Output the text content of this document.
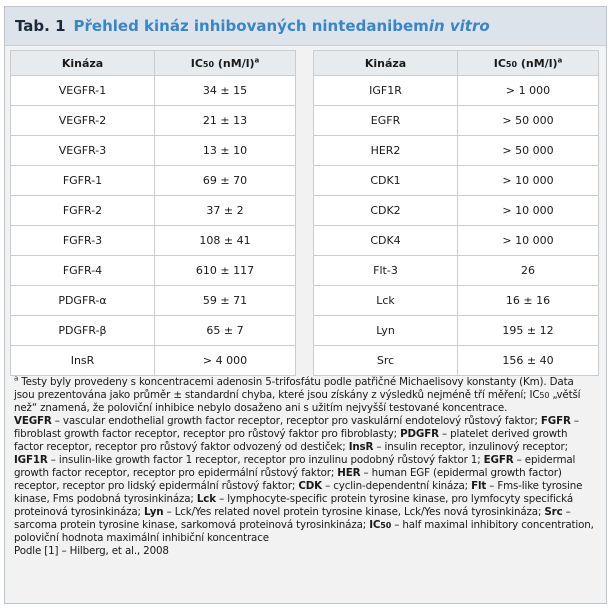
Tab. 1 Přehled kináz inhibovaných nintedanibem in vitro
Kináza	IC50 $(nM/l)^a$
VEGFR-1	34 ± 15
VEGFR-2	21 ± 13
VEGFR-3	13 ± 10
FGFR-1	69 ± 70
FGFR-2	37 ± 2
FGFR-3	108 ± 41
FGFR-4	610 ± 117
PDGFR-α	59 ± 71
PDGFR-β	65 ± 7
InsR	> 4 000
Kináza	IC50 $(nM/l)^a$
IGF1R	> 1 000
EGFR	> 50 000
HER2	> 50 000
CDK1	> 10 000
CDK2	> 10 000
CDK4	> 10 000
Flt-3	26
Lck	16 ± 16
Lyn	195 ± 12
Src	156 ± 40

$^a$ Testy byly provedeny s koncentracemi adenosin 5-trifosfátu podle patřičné Michaelisovy konstanty (Km). Data jsou prezentována jako průměr ± standardní chyba, které jsou získány z výsledků nejméně tří měření; IC50 „větší než“ znamená, že poloviční inhibice nebylo dosaženo ani s užitím nejvyšší testované koncentrace.

VEGFR – vascular endothelial growth factor receptor, receptor pro vaskulární endotelový růstový faktor; FGFR – fibroblast growth factor receptor, receptor pro růstový faktor pro fibroblasty; PDGFR – platelet derived growth factor receptor, receptor pro růstový faktor odvozený od destiček; InsR – insulin receptor, inzulinový receptor; IGF1R – insulin-like growth factor 1 receptor, receptor pro inzulinu podobný růstový faktor 1; EGFR – epidermal growth factor receptor, receptor pro epidermální růstový faktor; HER – human EGF (epidermal growth factor) receptor, receptor pro lidský epidermální růstový faktor; CDK – cyclin-dependentní kináza; Flt – Fms-like tyrosine kinase, Fms podobná tyrosinkináza; Lck – lymphocyte-specific protein tyrosine kinase, pro lymfocyty specifická proteinová tyrosinkináza; Lyn – Lck/Yes related novel protein tyrosine kinase, Lck/Yes nová tyrosinkináza; Src – sarcoma protein tyrosine kinase, sarkomová proteinová tyrosinkináza; IC50 – half maximal inhibitory concentration, poloviční hodnota maximální inhibiční koncentrace

Podle [1] – Hilberg, et al., 2008
